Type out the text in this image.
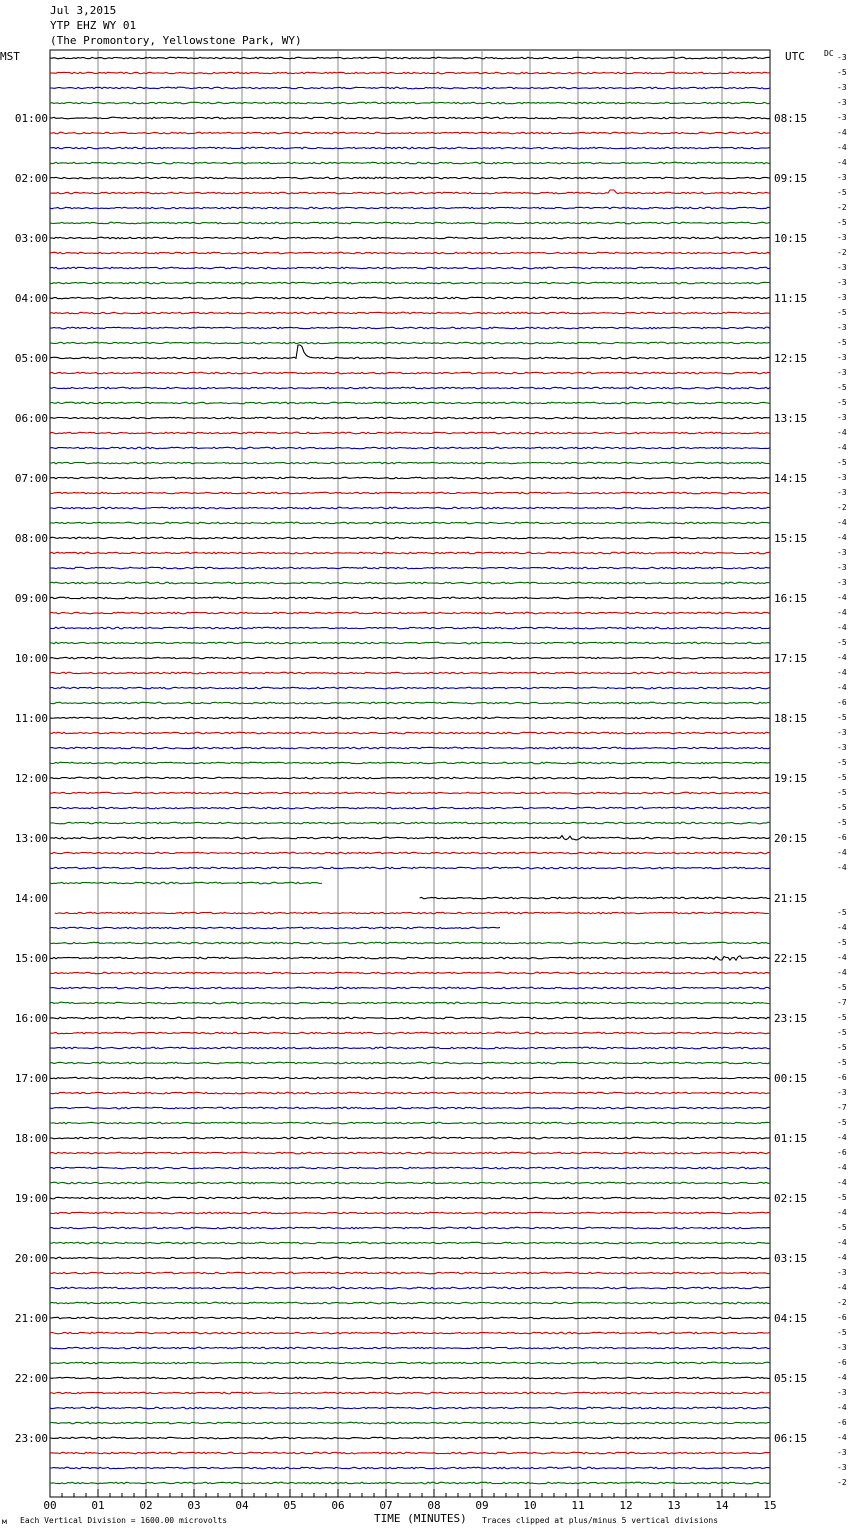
Jul 3,2015
YTP EHZ WY 01
(The Promontory, Yellowstone Park, WY)
MST	UTC DC
01:00	08:15
02:00	09:15
03:00	10:15
04:00	11:15
05:00	12:15
06:00	13:15
07:00	14:15
08:00	15:15
09:00	16:15
10:00	17:15
11:00	18:15
12:00	19:15
13:00	20:15
14:00	21:15
15:00	22:15
16:00	23:15
17:00	00:15
18:00	01:15
19:00	02:15
20:00	03:15
21:00	04:15
22:00	05:15
23:00	06:15
-3
-5
-3
-3
-3
-4
-4
-4
-3
-5
-2
-5
-3
-2
-3
-3
-3
-5
-3
-5
-3
-3
-5
-5
-3
-4
-4
-5
-3
-3
-2
-4
-4
-3
-3
-3
-4
-4
-4
-5
-4
-4
-4
-6
-5
-3
-3
-5
-5
-5
-5
-5
-6
-4
-4
-5
-4
-5
-4
-4
-5
-7
-5
-5
-5
-5
-6
-3
-7
-5
-4
-6
-4
-4
-5
-4
-5
-4
-4
-3
-4
-2
-6
-5
-3
-6
-4
-3
-4
-6
-4
-3
-3
-2
00	01	02	03	04	05	06	07	08	09	10	11	12	13	14	15
м Each Vertical Division = 1600.00 microvolts	TIME (MINUTES) Traces clipped at plus/minus 5 vertical divisions
